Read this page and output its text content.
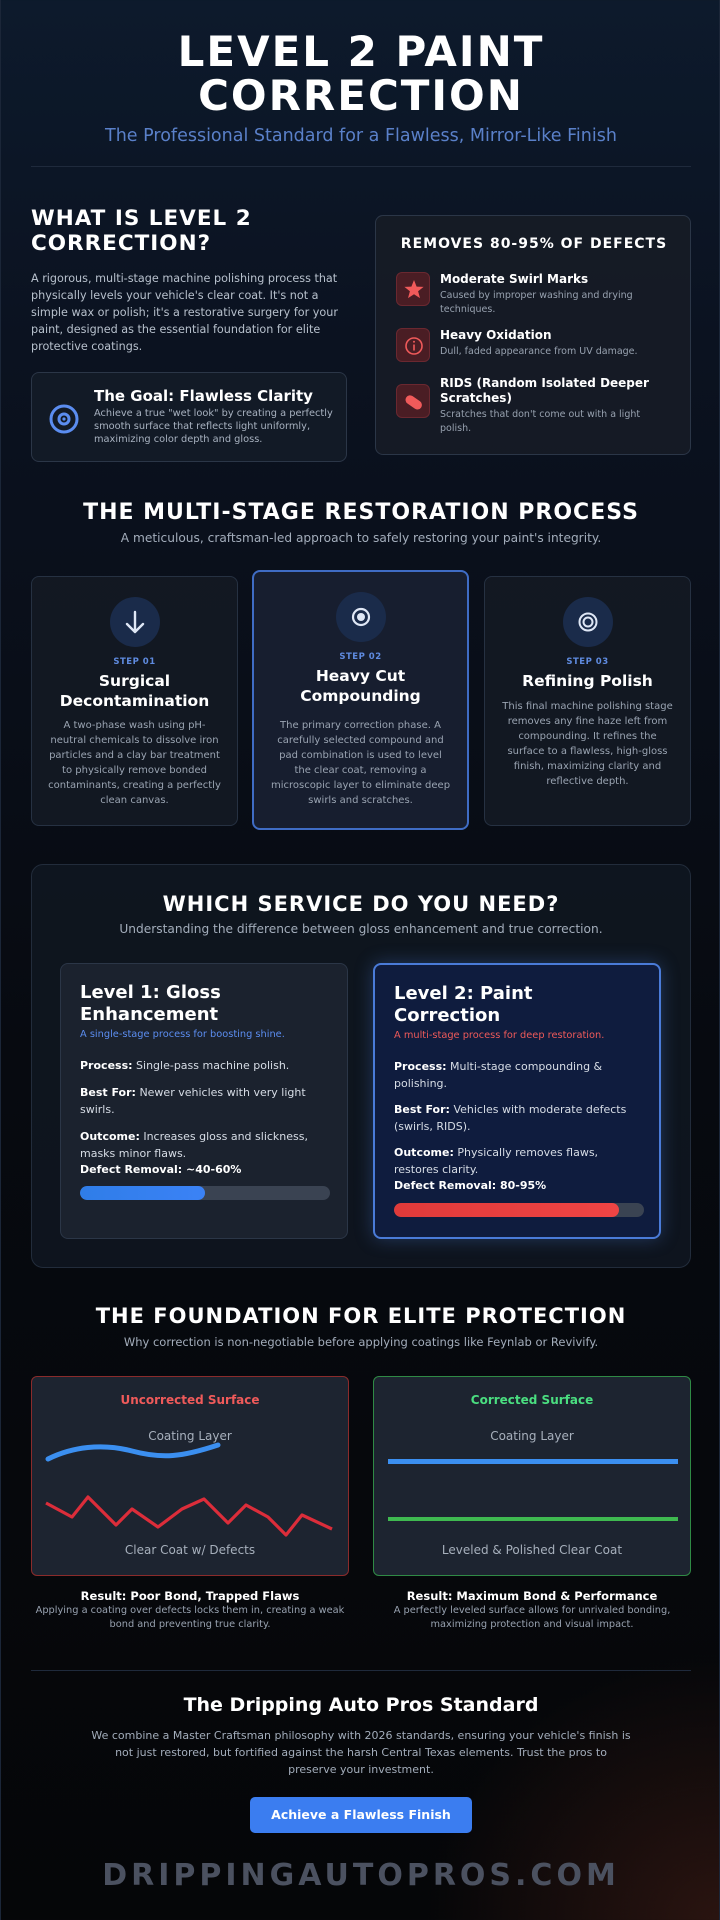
LEVEL 2 PAINT
CORRECTION
The Professional Standard for a Flawless, Mirror-Like Finish
WHAT IS LEVEL 2
CORRECTION?
A rigorous, multi-stage machine polishing process that physically levels your vehicle's clear coat. It's not a simple wax or polish; it's a restorative surgery for your paint, designed as the essential foundation for elite protective coatings.
The Goal: Flawless Clarity
Achieve a true "wet look" by creating a perfectly smooth surface that reflects light uniformly, maximizing color depth and gloss.
REMOVES 80-95% OF DEFECTS
Moderate Swirl Marks
Caused by improper washing and drying techniques.
Heavy Oxidation
Dull, faded appearance from UV damage.
RIDS (Random Isolated Deeper Scratches)
Scratches that don't come out with a light polish.
THE MULTI-STAGE RESTORATION PROCESS
A meticulous, craftsman-led approach to safely restoring your paint's integrity.
STEP 01
Surgical Decontamination
A two-phase wash using pH-neutral chemicals to dissolve iron particles and a clay bar treatment to physically remove bonded contaminants, creating a perfectly clean canvas.
STEP 02
Heavy Cut Compounding
The primary correction phase. A carefully selected compound and pad combination is used to level the clear coat, removing a microscopic layer to eliminate deep swirls and scratches.
STEP 03
Refining Polish
This final machine polishing stage removes any fine haze left from compounding. It refines the surface to a flawless, high-gloss finish, maximizing clarity and reflective depth.
WHICH SERVICE DO YOU NEED?
Understanding the difference between gloss enhancement and true correction.
Level 1: Gloss Enhancement
A single-stage process for boosting shine.
Process: Single-pass machine polish.
Best For: Newer vehicles with very light swirls.
Outcome: Increases gloss and slickness, masks minor flaws.
Defect Removal: ~40-60%
Level 2: Paint Correction
A multi-stage process for deep restoration.
Process: Multi-stage compounding & polishing.
Best For: Vehicles with moderate defects (swirls, RIDS).
Outcome: Physically removes flaws, restores clarity.
Defect Removal: 80-95%
THE FOUNDATION FOR ELITE PROTECTION
Why correction is non-negotiable before applying coatings like Feynlab or Revivify.
Uncorrected Surface
Coating Layer
Clear Coat w/ Defects
Corrected Surface
Coating Layer
Leveled & Polished Clear Coat
Result: Poor Bond, Trapped Flaws
Applying a coating over defects locks them in, creating a weak bond and preventing true clarity.
Result: Maximum Bond & Performance
A perfectly leveled surface allows for unrivaled bonding, maximizing protection and visual impact.
The Dripping Auto Pros Standard
We combine a Master Craftsman philosophy with 2026 standards, ensuring your vehicle's finish is not just restored, but fortified against the harsh Central Texas elements. Trust the pros to preserve your investment.
Achieve a Flawless Finish
DRIPPINGAUTOPROS.COM
